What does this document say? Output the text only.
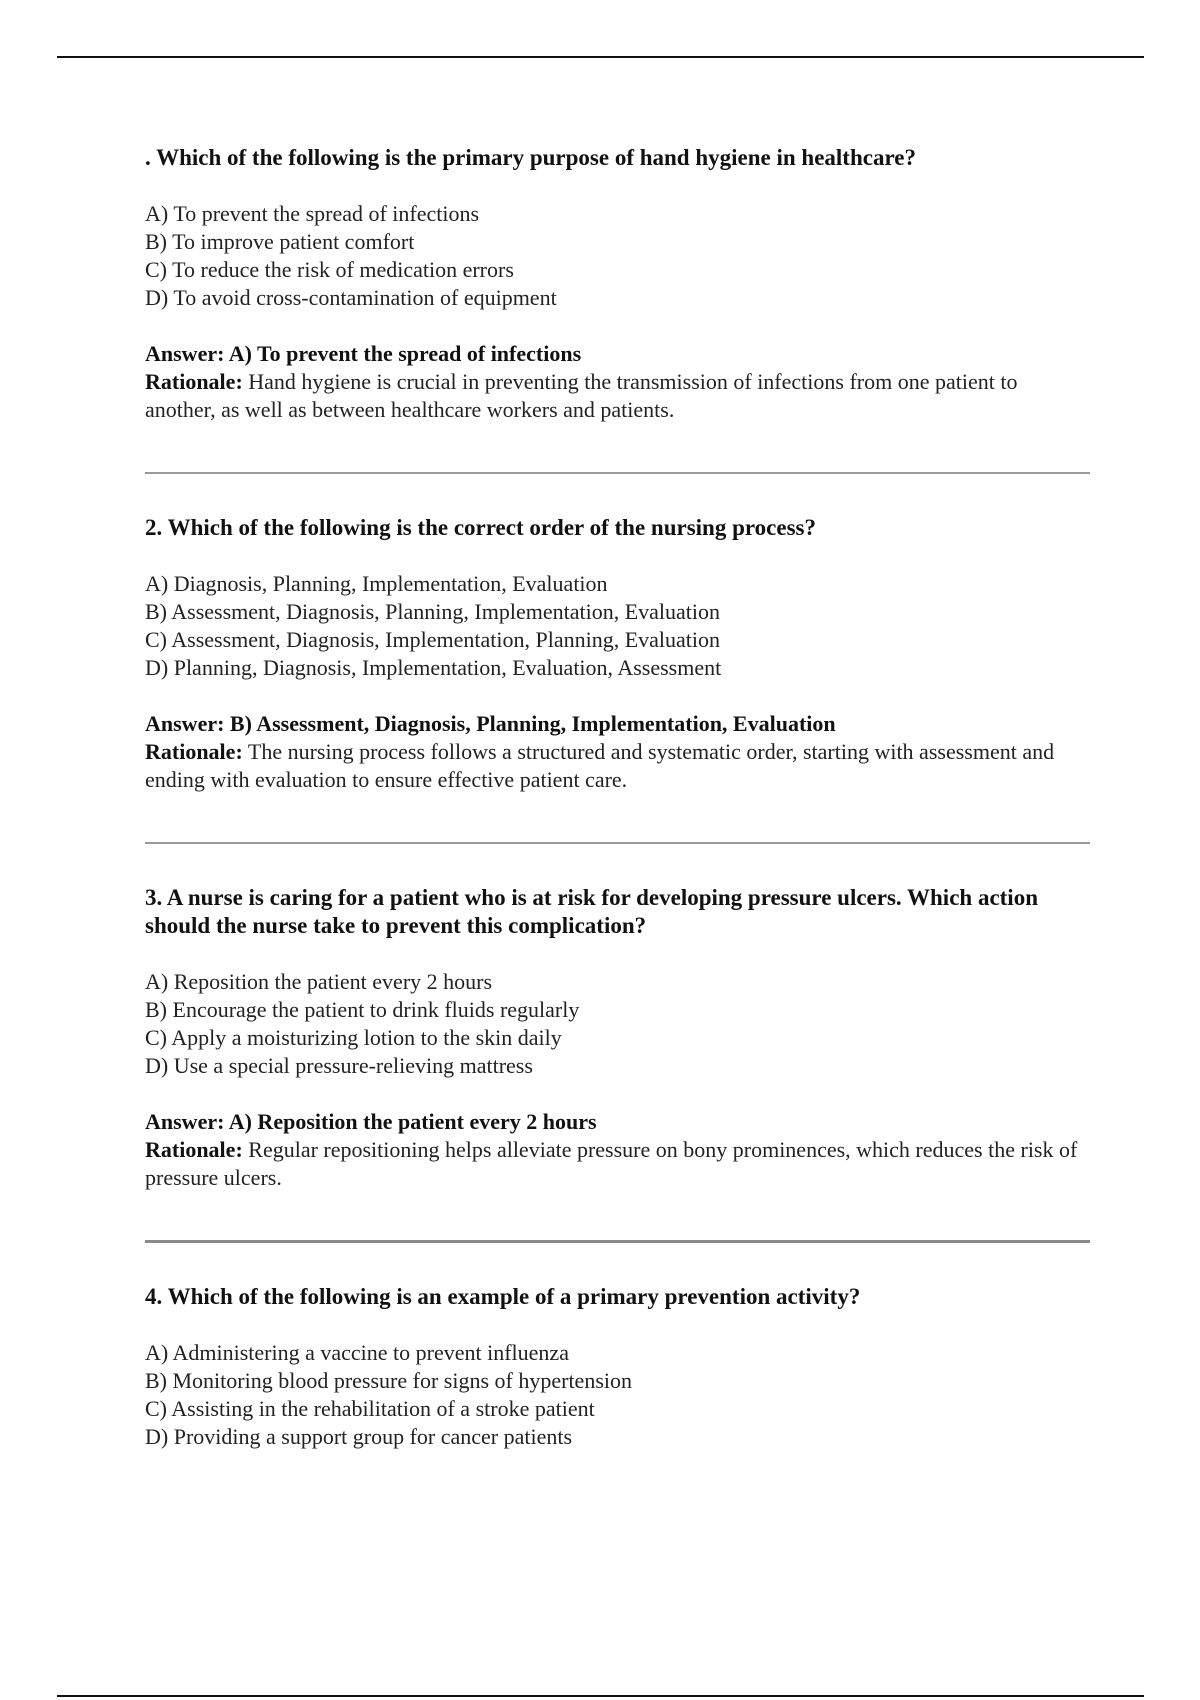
. Which of the following is the primary purpose of hand hygiene in healthcare?

A) To prevent the spread of infections
B) To improve patient comfort
C) To reduce the risk of medication errors
D) To avoid cross-contamination of equipment
Answer: A) To prevent the spread of infections
Rationale: Hand hygiene is crucial in preventing the transmission of infections from one patient to another, as well as between healthcare workers and patients.

2. Which of the following is the correct order of the nursing process?

A) Diagnosis, Planning, Implementation, Evaluation
B) Assessment, Diagnosis, Planning, Implementation, Evaluation
C) Assessment, Diagnosis, Implementation, Planning, Evaluation
D) Planning, Diagnosis, Implementation, Evaluation, Assessment
Answer: B) Assessment, Diagnosis, Planning, Implementation, Evaluation
Rationale: The nursing process follows a structured and systematic order, starting with assessment and ending with evaluation to ensure effective patient care.

3. A nurse is caring for a patient who is at risk for developing pressure ulcers. Which action should the nurse take to prevent this complication?

A) Reposition the patient every 2 hours
B) Encourage the patient to drink fluids regularly
C) Apply a moisturizing lotion to the skin daily
D) Use a special pressure-relieving mattress
Answer: A) Reposition the patient every 2 hours
Rationale: Regular repositioning helps alleviate pressure on bony prominences, which reduces the risk of pressure ulcers.

4. Which of the following is an example of a primary prevention activity?

A) Administering a vaccine to prevent influenza
B) Monitoring blood pressure for signs of hypertension
C) Assisting in the rehabilitation of a stroke patient
D) Providing a support group for cancer patients
